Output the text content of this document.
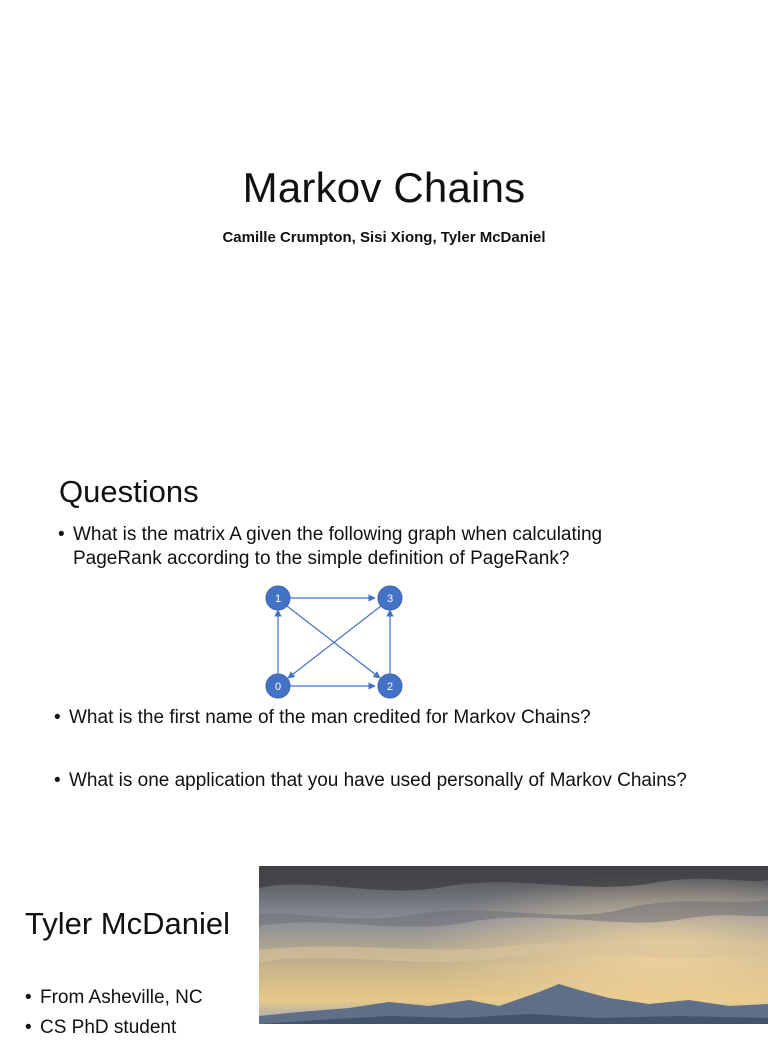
Markov Chains
Camille Crumpton, Sisi Xiong, Tyler McDaniel
Questions
• What is the matrix A given the following graph when calculating PageRank according to the simple definition of PageRank?
1	3
0	2
• What is the first name of the man credited for Markov Chains?
• What is one application that you have used personally of Markov Chains?
Tyler McDaniel
• From Asheville, NC
• CS PhD student
